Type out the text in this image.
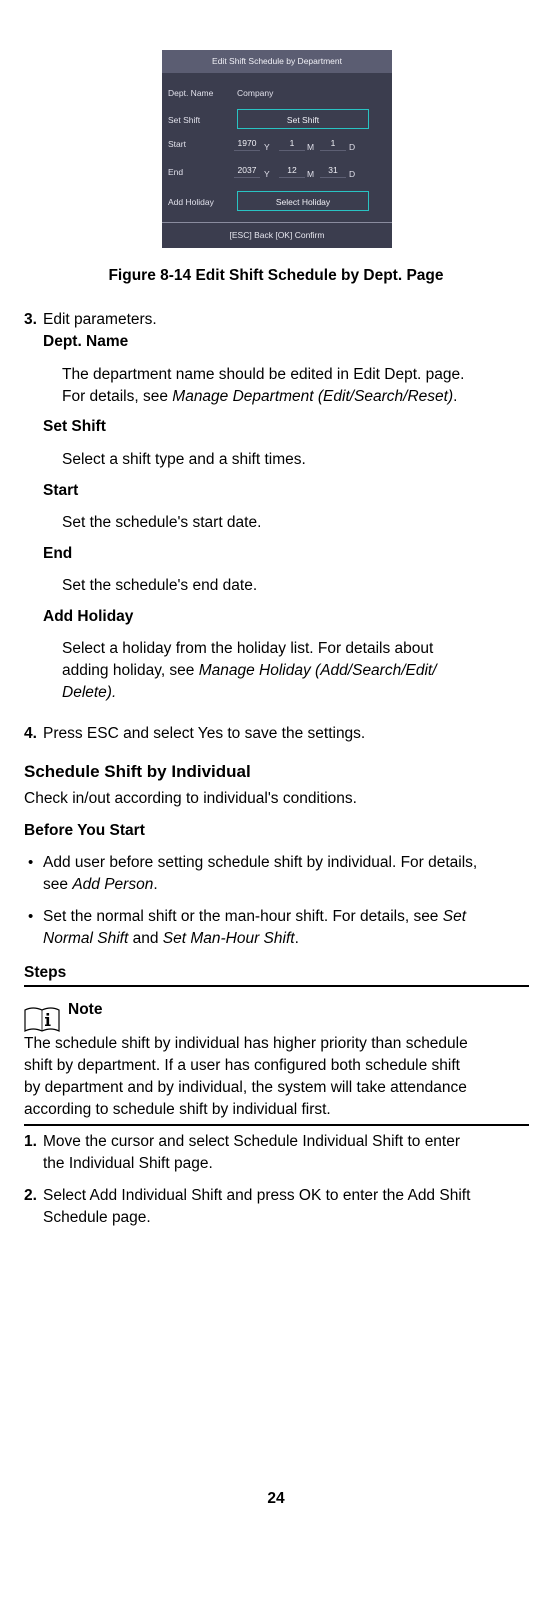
Edit Shift Schedule by Department
Dept. Name	Company
Set Shift	Set Shift
Start	1970 Y	1	M	1	D
End	2037 Y	12	M	31	D
Add Holiday	Select Holiday
[ESC] Back [OK] Confirm
Figure 8-14 Edit Shift Schedule by Dept. Page
3. Edit parameters.
Dept. Name
The department name should be edited in Edit Dept. page.
For details, see Manage Department (Edit/Search/Reset).
Set Shift
Select a shift type and a shift times.
Start
Set the schedule's start date.
End
Set the schedule's end date.
Add Holiday
Select a holiday from the holiday list. For details about
adding holiday, see Manage Holiday (Add/Search/Edit/
Delete).
4. Press ESC and select Yes to save the settings.
Schedule Shift by Individual
Check in/out according to individual's conditions.
Before You Start
• Add user before setting schedule shift by individual. For details,
see Add Person.
• Set the normal shift or the man-hour shift. For details, see Set
Normal Shift and Set Man-Hour Shift.
Steps
Note
The schedule shift by individual has higher priority than schedule
shift by department. If a user has configured both schedule shift
by department and by individual, the system will take attendance
according to schedule shift by individual first.
1. Move the cursor and select Schedule Individual Shift to enter
the Individual Shift page.
2. Select Add Individual Shift and press OK to enter the Add Shift
Schedule page.
24
